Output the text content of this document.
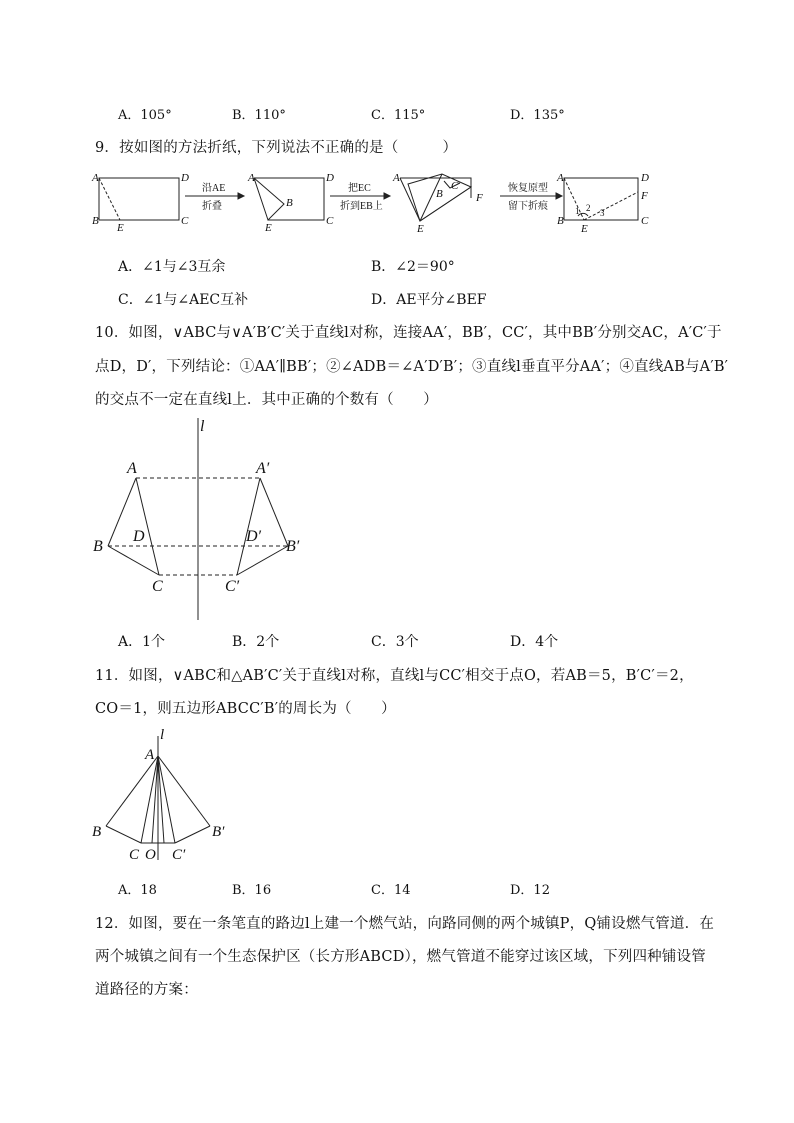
A．105°	B．110°	C．115°	D．135°
9．按如图的方法折纸，下列说法不正确的是（　　　）
A	D
B	C
E
A	D
B
C
E
A
F
B
C
E
A	D
F
B	C
E
1 2 3
沿AE
折叠
把EC
折到EB上
恢复原型
留下折痕
A．∠1与∠3互余	B．∠2＝90°
C．∠1与∠AEC互补	D．AE平分∠BEF
10．如图，∨ABC与∨A′B′C′关于直线l对称，连接AA′，BB′，CC′，其中BB′分别交AC，A′C′于
点D，D′，下列结论：①AA′∥BB′；②∠ADB＝∠A′D′B′；③直线l垂直平分AA′；④直线AB与A′B′
的交点不一定在直线l上．其中正确的个数有（　　）
l
A	A′
B	B′
D	D′
C	C′
A．1个	B．2个	C．3个	D．4个
11．如图，∨ABC和△AB′C′关于直线l对称，直线l与CC′相交于点O，若AB＝5，B′C′＝2，
CO＝1，则五边形ABCC′B′的周长为（　　）
l
A
B	B′
C O C′
A．18	B．16	C．14	D．12
12．如图，要在一条笔直的路边l上建一个燃气站，向路同侧的两个城镇P，Q铺设燃气管道．在
两个城镇之间有一个生态保护区（长方形ABCD），燃气管道不能穿过该区域，下列四种铺设管
道路径的方案：
